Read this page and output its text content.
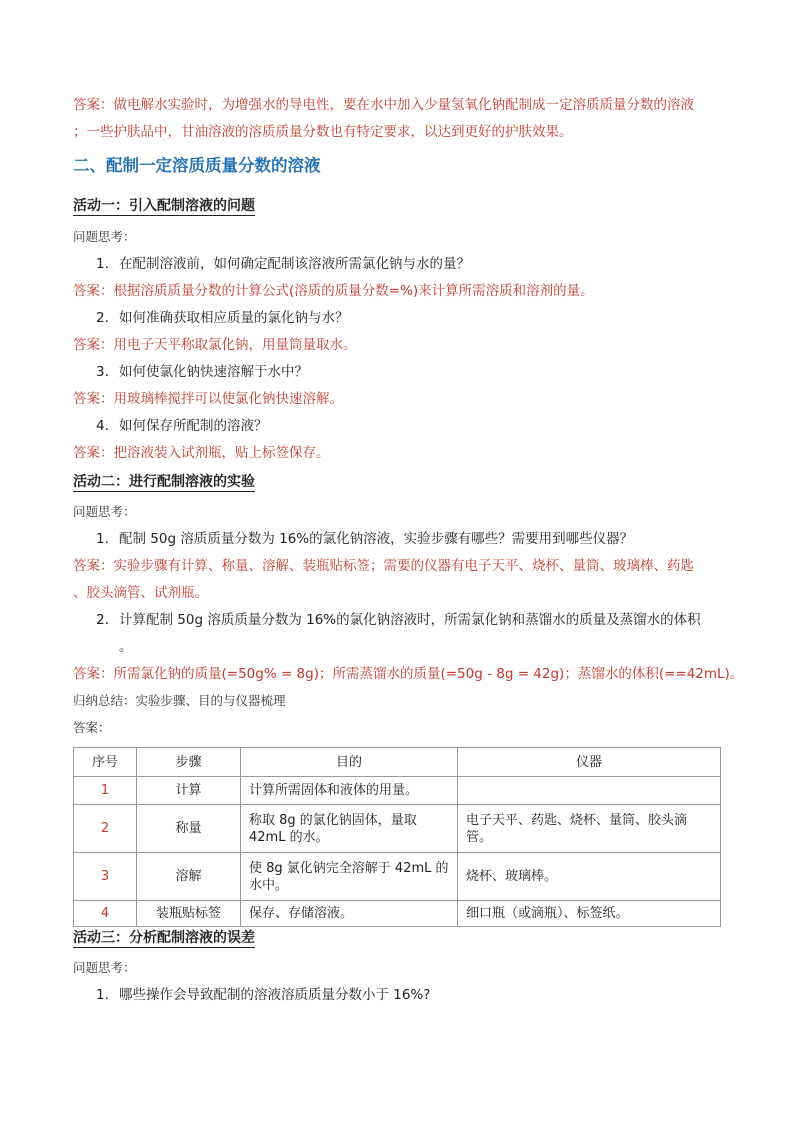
答案：做电解水实验时，为增强水的导电性，要在水中加入少量氢氧化钠配制成一定溶质质量分数的溶液
；一些护肤品中，甘油溶液的溶质质量分数也有特定要求，以达到更好的护肤效果。
二、配制一定溶质质量分数的溶液
活动一：引入配制溶液的问题
问题思考：
1. 在配制溶液前，如何确定配制该溶液所需氯化钠与水的量？
答案：根据溶质质量分数的计算公式(溶质的质量分数=%)来计算所需溶质和溶剂的量。
2. 如何准确获取相应质量的氯化钠与水？
答案：用电子天平称取氯化钠，用量筒量取水。
3. 如何使氯化钠快速溶解于水中？
答案：用玻璃棒搅拌可以使氯化钠快速溶解。
4. 如何保存所配制的溶液？
答案：把溶液装入试剂瓶，贴上标签保存。
活动二：进行配制溶液的实验
问题思考：
1. 配制 50g 溶质质量分数为 16%的氯化钠溶液，实验步骤有哪些？需要用到哪些仪器？
答案：实验步骤有计算、称量、溶解、装瓶贴标签；需要的仪器有电子天平、烧杯、量筒、玻璃棒、药匙
、胶头滴管、试剂瓶。
2. 计算配制 50g 溶质质量分数为 16%的氯化钠溶液时，所需氯化钠和蒸馏水的质量及蒸馏水的体积
。
答案：所需氯化钠的质量(=50g% = 8g)；所需蒸馏水的质量(=50g - 8g = 42g)；蒸馏水的体积(==42mL)。
归纳总结：实验步骤、目的与仪器梳理
答案：
序号	步骤	目的	仪器
1	计算	计算所需固体和液体的用量。	
2	称量	称取 8g 的氯化钠固体，量取 42mL 的水。	电子天平、药匙、烧杯、量筒、胶头滴管。
3	溶解	使 8g 氯化钠完全溶解于 42mL 的水中。	烧杯、玻璃棒。
4	装瓶贴标签	保存、存储溶液。	细口瓶（或滴瓶）、标签纸。
活动三：分析配制溶液的误差
问题思考：
1. 哪些操作会导致配制的溶液溶质质量分数小于 16%?
